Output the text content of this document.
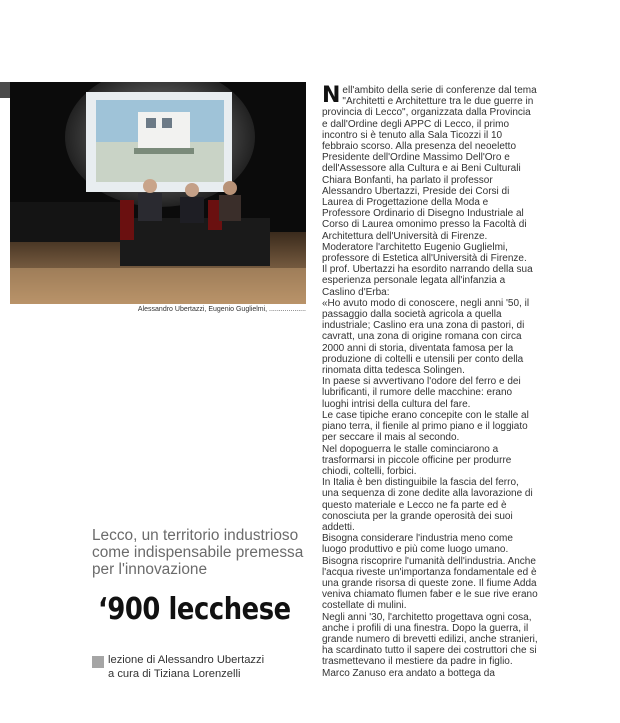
Alessandro Ubertazzi, Eugenio Guglielmi, ...................
Lecco, un territorio industrioso come indispensabile premessa per l'innovazione
‘900 lecchese
lezione di Alessandro Ubertazzi
a cura di Tiziana Lorenzelli

N ell'ambito della serie di conferenze dal tema "Architetti e Architetture tra le due guerre in provincia di Lecco", organizzata dalla Provincia e dall'Ordine degli APPC di Lecco, il primo incontro si è tenuto alla Sala Ticozzi il 10 febbraio scorso. Alla presenza del neoeletto Presidente dell'Ordine Massimo Dell'Oro e dell'Assessore alla Cultura e ai Beni Culturali Chiara Bonfanti, ha parlato il professor Alessandro Ubertazzi, Preside dei Corsi di Laurea di Progettazione della Moda e Professore Ordinario di Disegno Industriale al Corso di Laurea omonimo presso la Facoltà di Architettura dell'Università di Firenze. Moderatore l'architetto Eugenio Guglielmi, professore di Estetica all'Università di Firenze.

Il prof. Ubertazzi ha esordito narrando della sua esperienza personale legata all'infanzia a Caslino d'Erba:

«Ho avuto modo di conoscere, negli anni '50, il passaggio dalla società agricola a quella industriale; Caslino era una zona di pastori, di cavratt, una zona di origine romana con circa 2000 anni di storia, diventata famosa per la produzione di coltelli e utensili per conto della rinomata ditta tedesca Solingen.

In paese si avvertivano l'odore del ferro e dei lubrificanti, il rumore delle macchine: erano luoghi intrisi della cultura del fare.

Le case tipiche erano concepite con le stalle al piano terra, il fienile al primo piano e il loggiato per seccare il mais al secondo.

Nel dopoguerra le stalle cominciarono a trasformarsi in piccole officine per produrre chiodi, coltelli, forbici.

In Italia è ben distinguibile la fascia del ferro, una sequenza di zone dedite alla lavorazione di questo materiale e Lecco ne fa parte ed è conosciuta per la grande operosità dei suoi addetti.

Bisogna considerare l'industria meno come luogo produttivo e più come luogo umano. Bisogna riscoprire l'umanità dell'industria. Anche l'acqua riveste un'importanza fondamentale ed è una grande risorsa di queste zone. Il fiume Adda veniva chiamato flumen faber e le sue rive erano costellate di mulini.

Negli anni '30, l'architetto progettava ogni cosa, anche i profili di una finestra. Dopo la guerra, il grande numero di brevetti edilizi, anche stranieri, ha scardinato tutto il sapere dei costruttori che si trasmettevano il mestiere da padre in figlio.

Marco Zanuso era andato a bottega da
